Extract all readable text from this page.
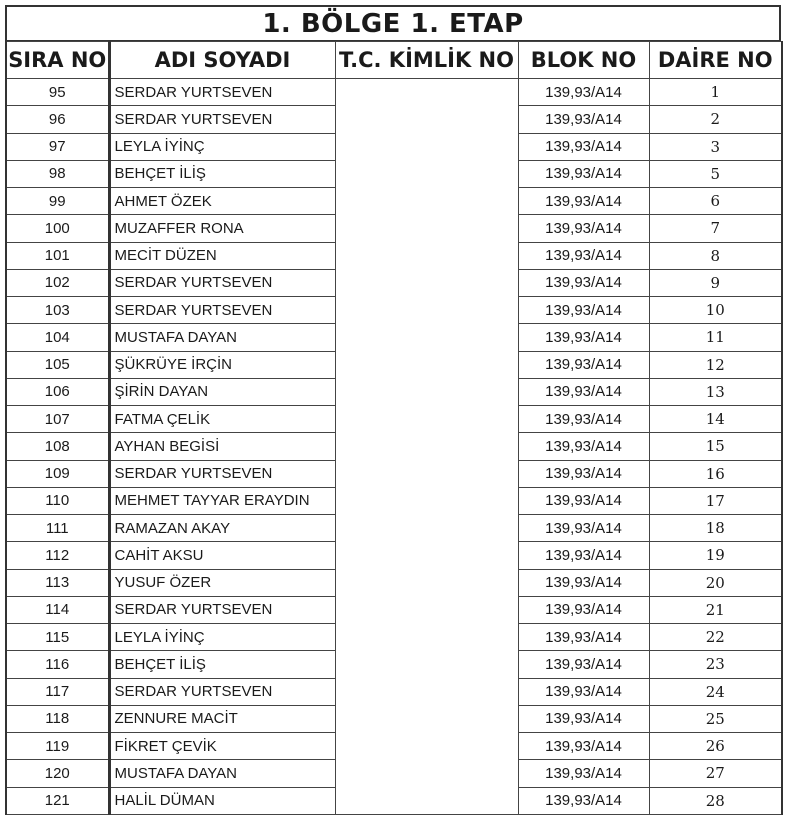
1. BÖLGE 1. ETAP
SIRA NO	ADI SOYADI	T.C. KİMLİK NO	BLOK NO	DAİRE NO
95	SERDAR YURTSEVEN		139,93/A14	1
96	SERDAR YURTSEVEN		139,93/A14	2
97	LEYLA İYİNÇ		139,93/A14	3
98	BEHÇET İLİŞ		139,93/A14	5
99	AHMET ÖZEK		139,93/A14	6
100	MUZAFFER RONA		139,93/A14	7
101	MECİT DÜZEN		139,93/A14	8
102	SERDAR YURTSEVEN		139,93/A14	9
103	SERDAR YURTSEVEN		139,93/A14	10
104	MUSTAFA DAYAN		139,93/A14	11
105	ŞÜKRÜYE İRÇİN		139,93/A14	12
106	ŞİRİN DAYAN		139,93/A14	13
107	FATMA ÇELİK		139,93/A14	14
108	AYHAN BEGİSİ		139,93/A14	15
109	SERDAR YURTSEVEN		139,93/A14	16
110	MEHMET TAYYAR ERAYDIN		139,93/A14	17
111	RAMAZAN AKAY		139,93/A14	18
112	CAHİT AKSU		139,93/A14	19
113	YUSUF ÖZER		139,93/A14	20
114	SERDAR YURTSEVEN		139,93/A14	21
115	LEYLA İYİNÇ		139,93/A14	22
116	BEHÇET İLİŞ		139,93/A14	23
117	SERDAR YURTSEVEN		139,93/A14	24
118	ZENNURE MACİT		139,93/A14	25
119	FİKRET ÇEVİK		139,93/A14	26
120	MUSTAFA DAYAN		139,93/A14	27
121	HALİL DÜMAN		139,93/A14	28
